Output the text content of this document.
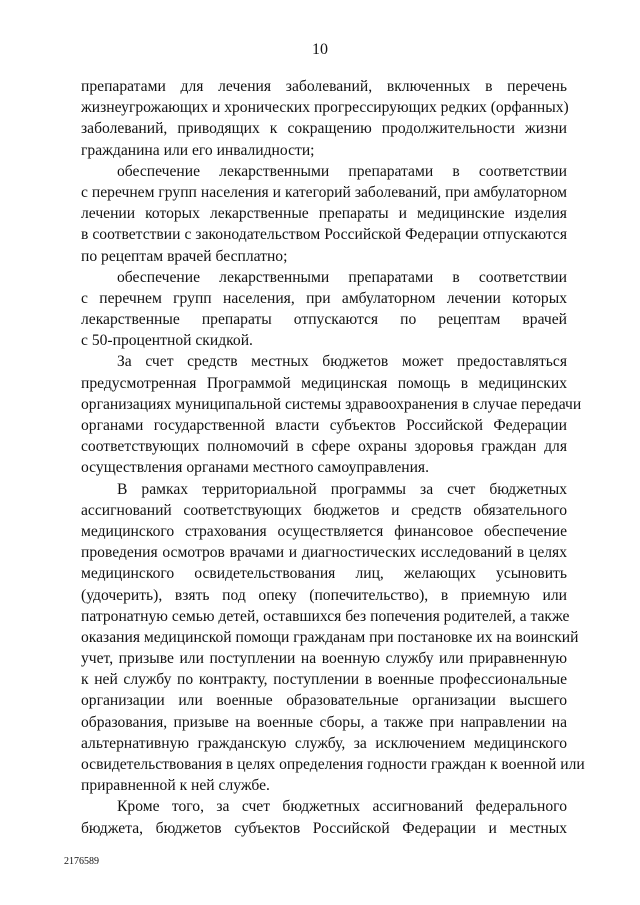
10
препаратами для лечения заболеваний, включенных в перечень
жизнеугрожающих и хронических прогрессирующих редких (орфанных)
заболеваний, приводящих к сокращению продолжительности жизни
гражданина или его инвалидности;
обеспечение лекарственными препаратами в соответствии
с перечнем групп населения и категорий заболеваний, при амбулаторном
лечении которых лекарственные препараты и медицинские изделия
в соответствии с законодательством Российской Федерации отпускаются
по рецептам врачей бесплатно;
обеспечение лекарственными препаратами в соответствии
с перечнем групп населения, при амбулаторном лечении которых
лекарственные препараты отпускаются по рецептам врачей
с 50-процентной скидкой.
За счет средств местных бюджетов может предоставляться
предусмотренная Программой медицинская помощь в медицинских
организациях муниципальной системы здравоохранения в случае передачи
органами государственной власти субъектов Российской Федерации
соответствующих полномочий в сфере охраны здоровья граждан для
осуществления органами местного самоуправления.
В рамках территориальной программы за счет бюджетных
ассигнований соответствующих бюджетов и средств обязательного
медицинского страхования осуществляется финансовое обеспечение
проведения осмотров врачами и диагностических исследований в целях
медицинского освидетельствования лиц, желающих усыновить
(удочерить), взять под опеку (попечительство), в приемную или
патронатную семью детей, оставшихся без попечения родителей, а также
оказания медицинской помощи гражданам при постановке их на воинский
учет, призыве или поступлении на военную службу или приравненную
к ней службу по контракту, поступлении в военные профессиональные
организации или военные образовательные организации высшего
образования, призыве на военные сборы, а также при направлении на
альтернативную гражданскую службу, за исключением медицинского
освидетельствования в целях определения годности граждан к военной или
приравненной к ней службе.
Кроме того, за счет бюджетных ассигнований федерального
бюджета, бюджетов субъектов Российской Федерации и местных
2176589
